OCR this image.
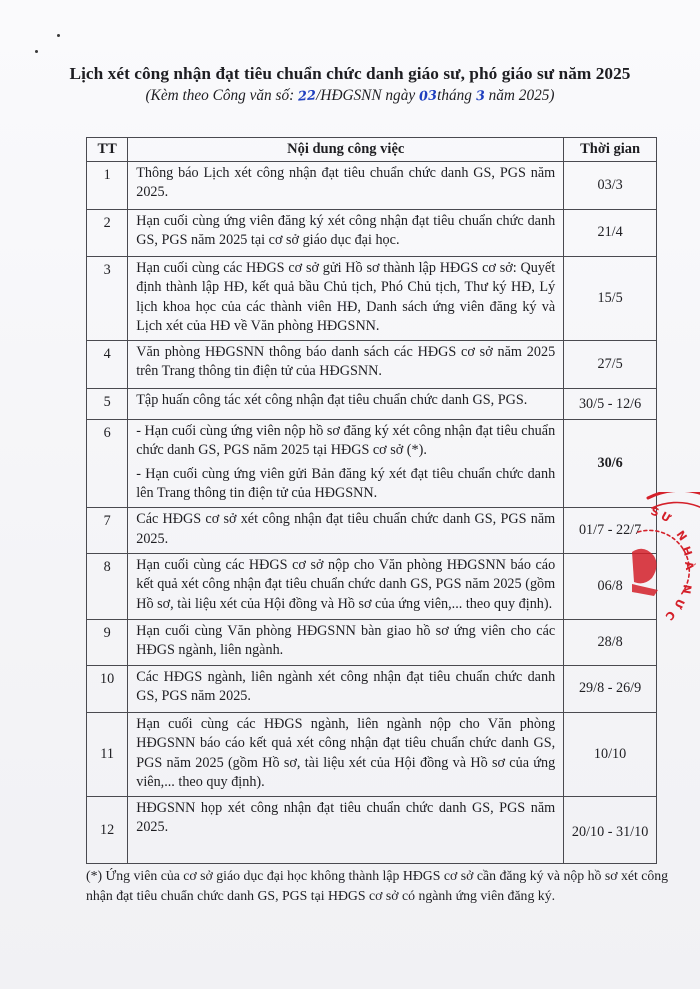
Lịch xét công nhận đạt tiêu chuẩn chức danh giáo sư, phó giáo sư năm 2025
(Kèm theo Công văn số: 22/HĐGSNN ngày 03tháng 3 năm 2025)
TT	Nội dung công việc	Thời gian

1	Thông báo Lịch xét công nhận đạt tiêu chuẩn chức danh GS, PGS năm 2025.	03/3

2	Hạn cuối cùng ứng viên đăng ký xét công nhận đạt tiêu chuẩn chức danh GS, PGS năm 2025 tại cơ sở giáo dục đại học.	21/4

3	Hạn cuối cùng các HĐGS cơ sở gửi Hồ sơ thành lập HĐGS cơ sở: Quyết định thành lập HĐ, kết quả bầu Chủ tịch, Phó Chủ tịch, Thư ký HĐ, Lý lịch khoa học của các thành viên HĐ, Danh sách ứng viên đăng ký và Lịch xét của HĐ về Văn phòng HĐGSNN.	15/5

4	Văn phòng HĐGSNN thông báo danh sách các HĐGS cơ sở năm 2025 trên Trang thông tin điện tử của HĐGSNN.	27/5

5	Tập huấn công tác xét công nhận đạt tiêu chuẩn chức danh GS, PGS.	30/5 - 12/6

6	- Hạn cuối cùng ứng viên nộp hồ sơ đăng ký xét công nhận đạt tiêu chuẩn chức danh GS, PGS năm 2025 tại HĐGS cơ sở (*).
- Hạn cuối cùng ứng viên gửi Bản đăng ký xét đạt tiêu chuẩn chức danh lên Trang thông tin điện tử của HĐGSNN.	30/6

7	Các HĐGS cơ sở xét công nhận đạt tiêu chuẩn chức danh GS, PGS năm 2025.	01/7 - 22/7

8	Hạn cuối cùng các HĐGS cơ sở nộp cho Văn phòng HĐGSNN báo cáo kết quả xét công nhận đạt tiêu chuẩn chức danh GS, PGS năm 2025 (gồm Hồ sơ, tài liệu xét của Hội đồng và Hồ sơ của ứng viên,... theo quy định).	06/8

9	Hạn cuối cùng Văn phòng HĐGSNN bàn giao hồ sơ ứng viên cho các HĐGS ngành, liên ngành.	28/8

10	Các HĐGS ngành, liên ngành xét công nhận đạt tiêu chuẩn chức danh GS, PGS năm 2025.	29/8 - 26/9

11	Hạn cuối cùng các HĐGS ngành, liên ngành nộp cho Văn phòng HĐGSNN báo cáo kết quả xét công nhận đạt tiêu chuẩn chức danh GS, PGS năm 2025 (gồm Hồ sơ, tài liệu xét của Hội đồng và Hồ sơ của ứng viên,... theo quy định).	10/10

12	HĐGSNN họp xét công nhận đạt tiêu chuẩn chức danh GS, PGS năm 2025.	20/10 - 31/10
(*) Ứng viên của cơ sở giáo dục đại học không thành lập HĐGS cơ sở cần đăng ký và nộp hồ sơ xét công nhận đạt tiêu chuẩn chức danh GS, PGS tại HĐGS cơ sở có ngành ứng viên đăng ký.
S
Ư
N
H
À
N
Ư
C
